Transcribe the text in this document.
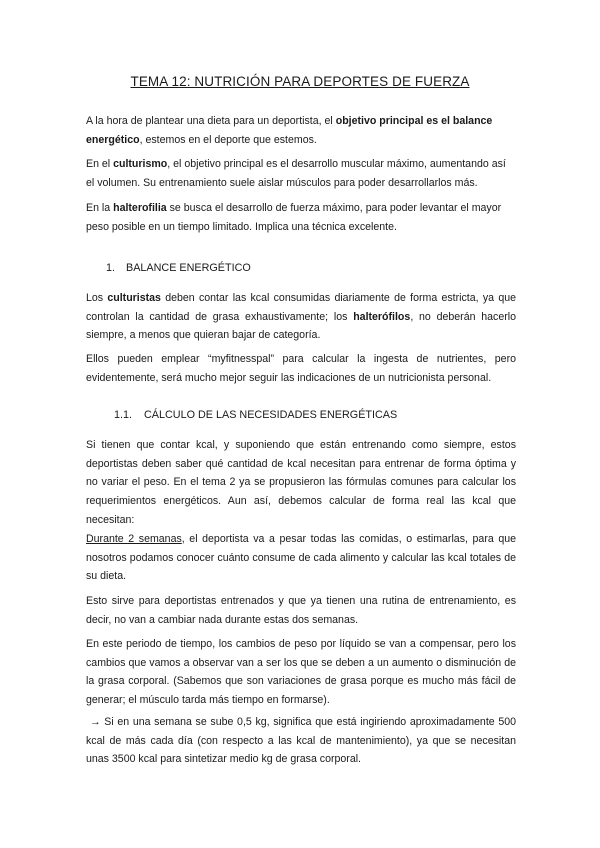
TEMA 12: NUTRICIÓN PARA DEPORTES DE FUERZA

A la hora de plantear una dieta para un deportista, el objetivo principal es el balance energético, estemos en el deporte que estemos.

En el culturismo, el objetivo principal es el desarrollo muscular máximo, aumentando así el volumen. Su entrenamiento suele aislar músculos para poder desarrollarlos más.

En la halterofilia se busca el desarrollo de fuerza máximo, para poder levantar el mayor peso posible en un tiempo limitado. Implica una técnica excelente.

1. BALANCE ENERGÉTICO

Los culturistas deben contar las kcal consumidas diariamente de forma estricta, ya que controlan la cantidad de grasa exhaustivamente; los halterófilos, no deberán hacerlo siempre, a menos que quieran bajar de categoría.

Ellos pueden emplear “myfitnesspal” para calcular la ingesta de nutrientes, pero evidentemente, será mucho mejor seguir las indicaciones de un nutricionista personal.

1.1. CÁLCULO DE LAS NECESIDADES ENERGÉTICAS

Si tienen que contar kcal, y suponiendo que están entrenando como siempre, estos deportistas deben saber qué cantidad de kcal necesitan para entrenar de forma óptima y no variar el peso. En el tema 2 ya se propusieron las fórmulas comunes para calcular los requerimientos energéticos. Aun así, debemos calcular de forma real las kcal que necesitan:

Durante 2 semanas, el deportista va a pesar todas las comidas, o estimarlas, para que nosotros podamos conocer cuánto consume de cada alimento y calcular las kcal totales de su dieta.

Esto sirve para deportistas entrenados y que ya tienen una rutina de entrenamiento, es decir, no van a cambiar nada durante estas dos semanas.

En este periodo de tiempo, los cambios de peso por líquido se van a compensar, pero los cambios que vamos a observar van a ser los que se deben a un aumento o disminución de la grasa corporal. (Sabemos que son variaciones de grasa porque es mucho más fácil de generar; el músculo tarda más tiempo en formarse).

→ Si en una semana se sube 0,5 kg, significa que está ingiriendo aproximadamente 500 kcal de más cada día (con respecto a las kcal de mantenimiento), ya que se necesitan unas 3500 kcal para sintetizar medio kg de grasa corporal.
